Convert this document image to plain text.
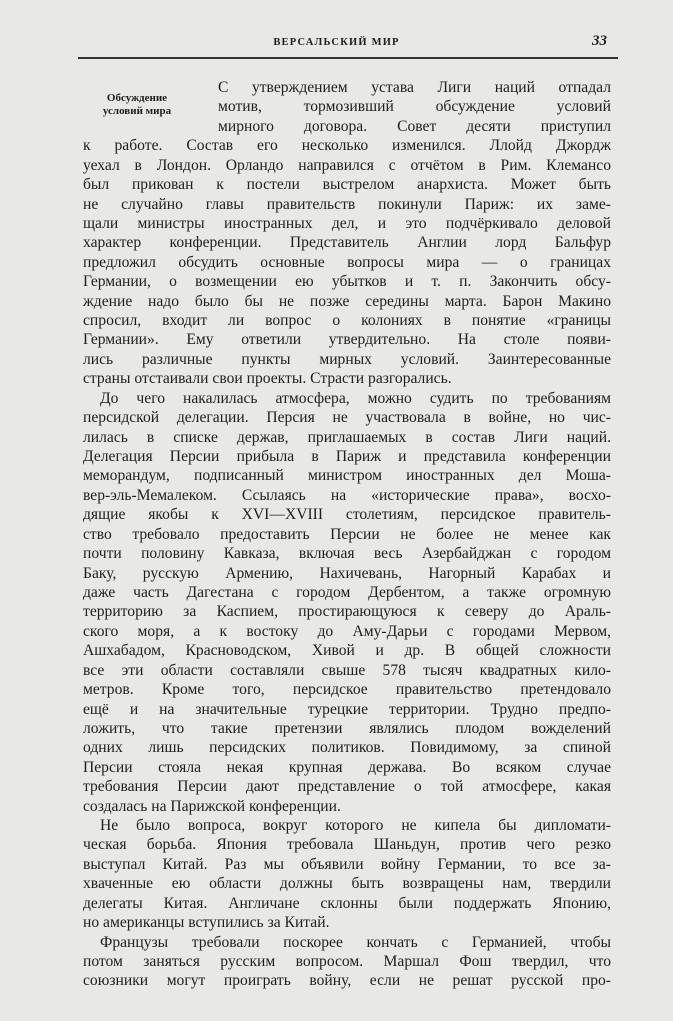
ВЕРСАЛЬСКИЙ МИР	33
Обсуждение
условий мира
С утверждением устава Лиги наций отпадал
мотив, тормозивший обсуждение условий
мирного договора. Совет десяти приступил
к работе. Состав его несколько изменился. Ллойд Джордж
уехал в Лондон. Орландо направился с отчётом в Рим. Клемансо
был прикован к постели выстрелом анархиста. Может быть
не случайно главы правительств покинули Париж: их заме-
щали министры иностранных дел, и это подчёркивало деловой
характер конференции. Представитель Англии лорд Бальфур
предложил обсудить основные вопросы мира — о границах
Германии, о возмещении ею убытков и т. п. Закончить обсу-
ждение надо было бы не позже середины марта. Барон Макино
спросил, входит ли вопрос о колониях в понятие «границы
Германии». Ему ответили утвердительно. На столе появи-
лись различные пункты мирных условий. Заинтересованные
страны отстаивали свои проекты. Страсти разгорались.
До чего накалилась атмосфера, можно судить по требованиям
персидской делегации. Персия не участвовала в войне, но чис-
лилась в списке держав, приглашаемых в состав Лиги наций.
Делегация Персии прибыла в Париж и представила конференции
меморандум, подписанный министром иностранных дел Моша-
вер-эль-Мемалеком. Ссылаясь на «исторические права», восхо-
дящие якобы к XVI—XVIII столетиям, персидское правитель-
ство требовало предоставить Персии не более не менее как
почти половину Кавказа, включая весь Азербайджан с городом
Баку, русскую Армению, Нахичевань, Нагорный Карабах и
даже часть Дагестана с городом Дербентом, а также огромную
территорию за Каспием, простирающуюся к северу до Араль-
ского моря, а к востоку до Аму-Дарьи с городами Мервом,
Ашхабадом, Красноводском, Хивой и др. В общей сложности
все эти области составляли свыше 578 тысяч квадратных кило-
метров. Кроме того, персидское правительство претендовало
ещё и на значительные турецкие территории. Трудно предпо-
ложить, что такие претензии являлись плодом вожделений
одних лишь персидских политиков. Повидимому, за спиной
Персии стояла некая крупная держава. Во всяком случае
требования Персии дают представление о той атмосфере, какая
создалась на Парижской конференции.
Не было вопроса, вокруг которого не кипела бы дипломати-
ческая борьба. Япония требовала Шаньдун, против чего резко
выступал Китай. Раз мы объявили войну Германии, то все за-
хваченные ею области должны быть возвращены нам, твердили
делегаты Китая. Англичане склонны были поддержать Японию,
но американцы вступились за Китай.
Французы требовали поскорее кончать с Германией, чтобы
потом заняться русским вопросом. Маршал Фош твердил, что
союзники могут проиграть войну, если не решат русской про-
